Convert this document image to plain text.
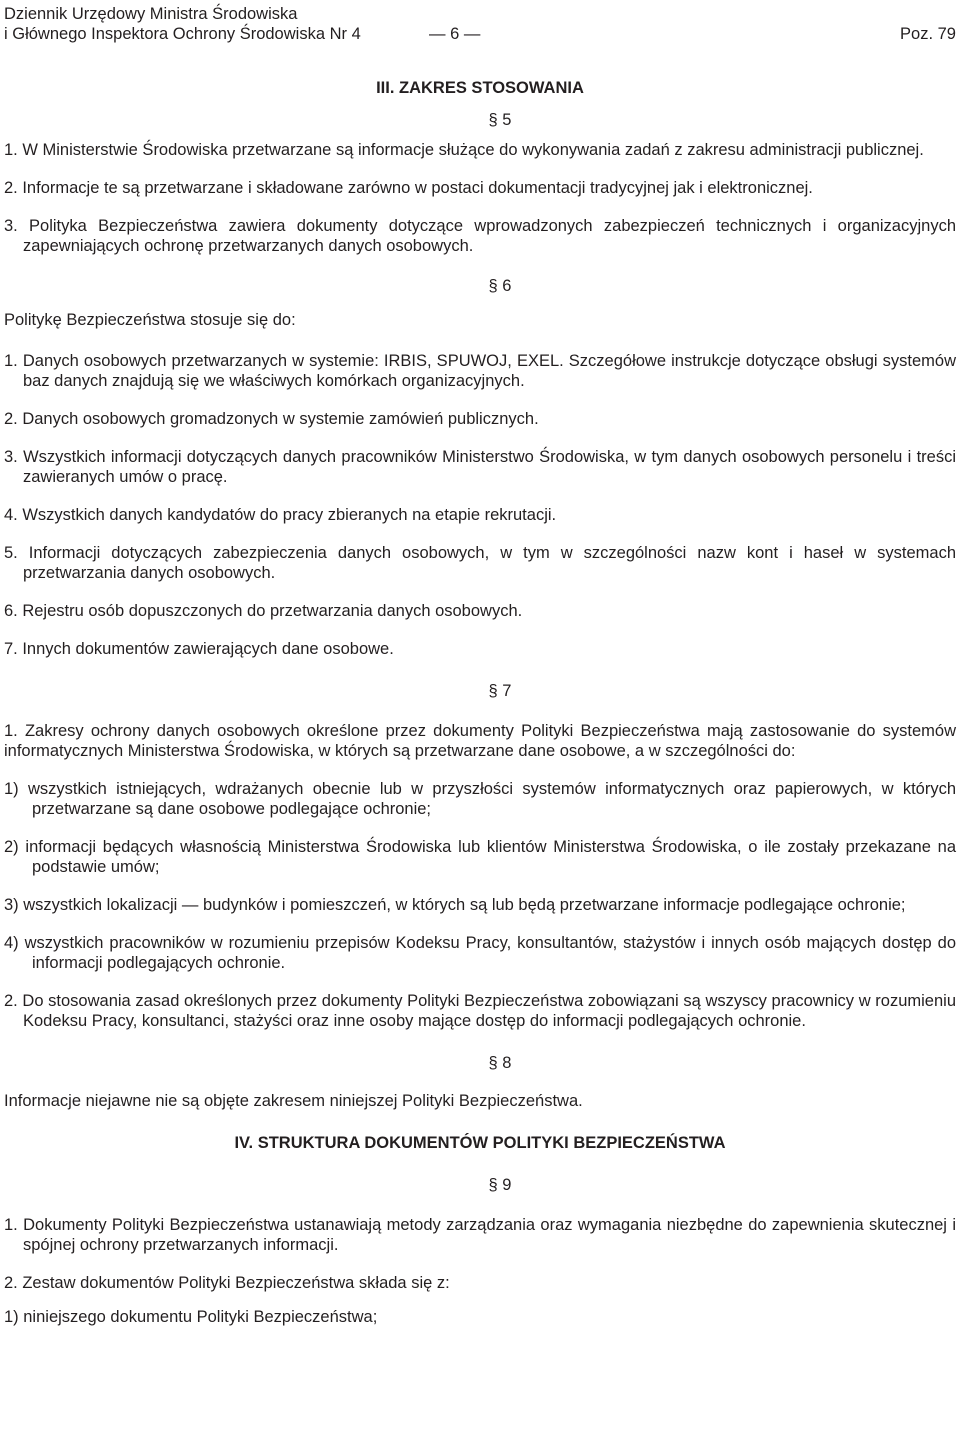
Dziennik Urzędowy Ministra Środowiska
i Głównego Inspektora Ochrony Środowiska Nr 4	— 6 —	Poz. 79
III. ZAKRES STOSOWANIA
§ 5

1. W Ministerstwie Środowiska przetwarzane są informacje służące do wykonywania zadań z zakresu administracji publicznej.

2. Informacje te są przetwarzane i składowane zarówno w postaci dokumentacji tradycyjnej jak i elektronicznej.

3. Polityka Bezpieczeństwa zawiera dokumenty dotyczące wprowadzonych zabezpieczeń technicznych i organizacyjnych zapewniających ochronę przetwarzanych danych osobowych.

§ 6

Politykę Bezpieczeństwa stosuje się do:

1. Danych osobowych przetwarzanych w systemie: IRBIS, SPUWOJ, EXEL. Szczegółowe instrukcje dotyczące obsługi systemów baz danych znajdują się we właściwych komórkach organizacyjnych.

2. Danych osobowych gromadzonych w systemie zamówień publicznych.

3. Wszystkich informacji dotyczących danych pracowników Ministerstwo Środowiska, w tym danych osobowych personelu i treści zawieranych umów o pracę.

4. Wszystkich danych kandydatów do pracy zbieranych na etapie rekrutacji.

5. Informacji dotyczących zabezpieczenia danych osobowych, w tym w szczególności nazw kont i haseł w systemach przetwarzania danych osobowych.

6. Rejestru osób dopuszczonych do przetwarzania danych osobowych.

7. Innych dokumentów zawierających dane osobowe.

§ 7

1. Zakresy ochrony danych osobowych określone przez dokumenty Polityki Bezpieczeństwa mają zastosowanie do systemów informatycznych Ministerstwa Środowiska, w których są przetwarzane dane osobowe, a w szczególności do:

1) wszystkich istniejących, wdrażanych obecnie lub w przyszłości systemów informatycznych oraz papierowych, w których przetwarzane są dane osobowe podlegające ochronie;

2) informacji będących własnością Ministerstwa Środowiska lub klientów Ministerstwa Środowiska, o ile zostały przekazane na podstawie umów;

3) wszystkich lokalizacji — budynków i pomieszczeń, w których są lub będą przetwarzane informacje podlegające ochronie;

4) wszystkich pracowników w rozumieniu przepisów Kodeksu Pracy, konsultantów, stażystów i innych osób mających dostęp do informacji podlegających ochronie.

2. Do stosowania zasad określonych przez dokumenty Polityki Bezpieczeństwa zobowiązani są wszyscy pracownicy w rozumieniu Kodeksu Pracy, konsultanci, stażyści oraz inne osoby mające dostęp do informacji podlegających ochronie.

§ 8

Informacje niejawne nie są objęte zakresem niniejszej Polityki Bezpieczeństwa.

IV. STRUKTURA DOKUMENTÓW POLITYKI BEZPIECZEŃSTWA
§ 9

1. Dokumenty Polityki Bezpieczeństwa ustanawiają metody zarządzania oraz wymagania niezbędne do zapewnienia skutecznej i spójnej ochrony przetwarzanych informacji.

2. Zestaw dokumentów Polityki Bezpieczeństwa składa się z:

1) niniejszego dokumentu Polityki Bezpieczeństwa;
